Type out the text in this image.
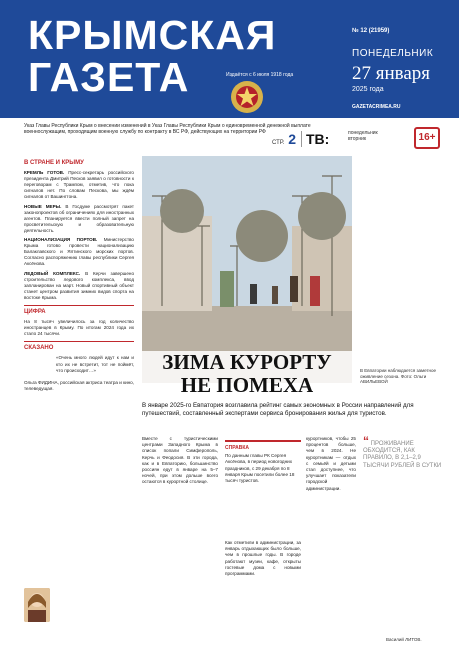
КРЫМСКАЯ
ГАЗЕТА	Издаётся с 6 июля 1918 года
№ 12 (21959)
ПОНЕДЕЛЬНИК
27 января
2025 года
GAZETACRIMEA.RU
Указ Главы Республики Крым о внесении изменений в Указ Главы Республики Крым о единовременной денежной выплате военнослужащим, проходящим военную службу по контракту в ВС РФ, действующих на территории РФ
СТР. 2 ТВ:	понедельник
вторник	16+
В СТРАНЕ И КРЫМУ

КРЕМЛЬ ГОТОВ. Пресс-секретарь российского президента Дмитрий Песков заявил о готовности к переговорам с Трампом, отметив, что пока сигналов нет. По словам Пескова, мы ждём сигналов от Вашингтона.

НОВЫЕ МЕРЫ. В Госдуме рассмотрят пакет законопроектов об ограничениях для иностранных агентов. Планируется ввести полный запрет на просветительскую и образовательную деятельность.

НАЦИОНАЛИЗАЦИЯ ПОРТОВ. Министерство Крыма готово провести национализацию Балаклавского и Ялтинского морских портов. Согласно распоряжению главы республики Сергея Аксёнова.

ЛЕДОВЫЙ КОМПЛЕКС. В Керчи завершено строительство ледового комплекса, ввод запланирован на март. Новый спортивный объект станет центром развития зимних видов спорта на востоке Крыма.

ЦИФРА

На 8 тысяч увеличилось за год количество иностранцев в Крыму. По итогам 2024 года их стало 24 тысячи.

СКАЗАНО

«Очень много людей идут к нам и кто их не встретит, тот не поймёт, что происходит…»

Ольга ФИДИНА, российская актриса театра и кино, телеведущая.

В Евпатории наблюдается заметное оживление сезона. Фото: Ольги АВИЛЬЕВОЙ
ЗИМА КУРОРТУ
НЕ ПОМЕХА
В январе 2025-го Евпатория возглавила рейтинг самых экономных в России направлений для путешествий, составленный экспертами сервиса бронирования жилья для туристов.
Вместе с туристическими центрами Западного Крыма в список попали Симферополь, Керчь и Феодосия. В эти города, как и в Евпаторию, большинство россиян едут в январе на 5–7 ночей, при этом дольше всего остаются в курортной столице.
СПРАВКА
По данным главы РК Сергея Аксёнова, в период новогодних праздников, с 29 декабря по 8 января Крым посетили более 18 тысяч туристов.
курортников, чтобы 25 процентов больше, чем в 2024. Не курортникам — отдых с семьёй и детьми стал доступнее, что улучшает показатели городской администрации.
Как отметили в администрации, за январь отдыхающих было больше, чем в прошлые годы. В городе работают музеи, кафе, открыты гостевые дома с новыми программами.
“ ПРОЖИВАНИЕ ОБХОДИТСЯ, КАК ПРАВИЛО, В 2,1–2,9 ТЫСЯЧИ РУБЛЕЙ В СУТКИ
Василий ЛИТОВ.
